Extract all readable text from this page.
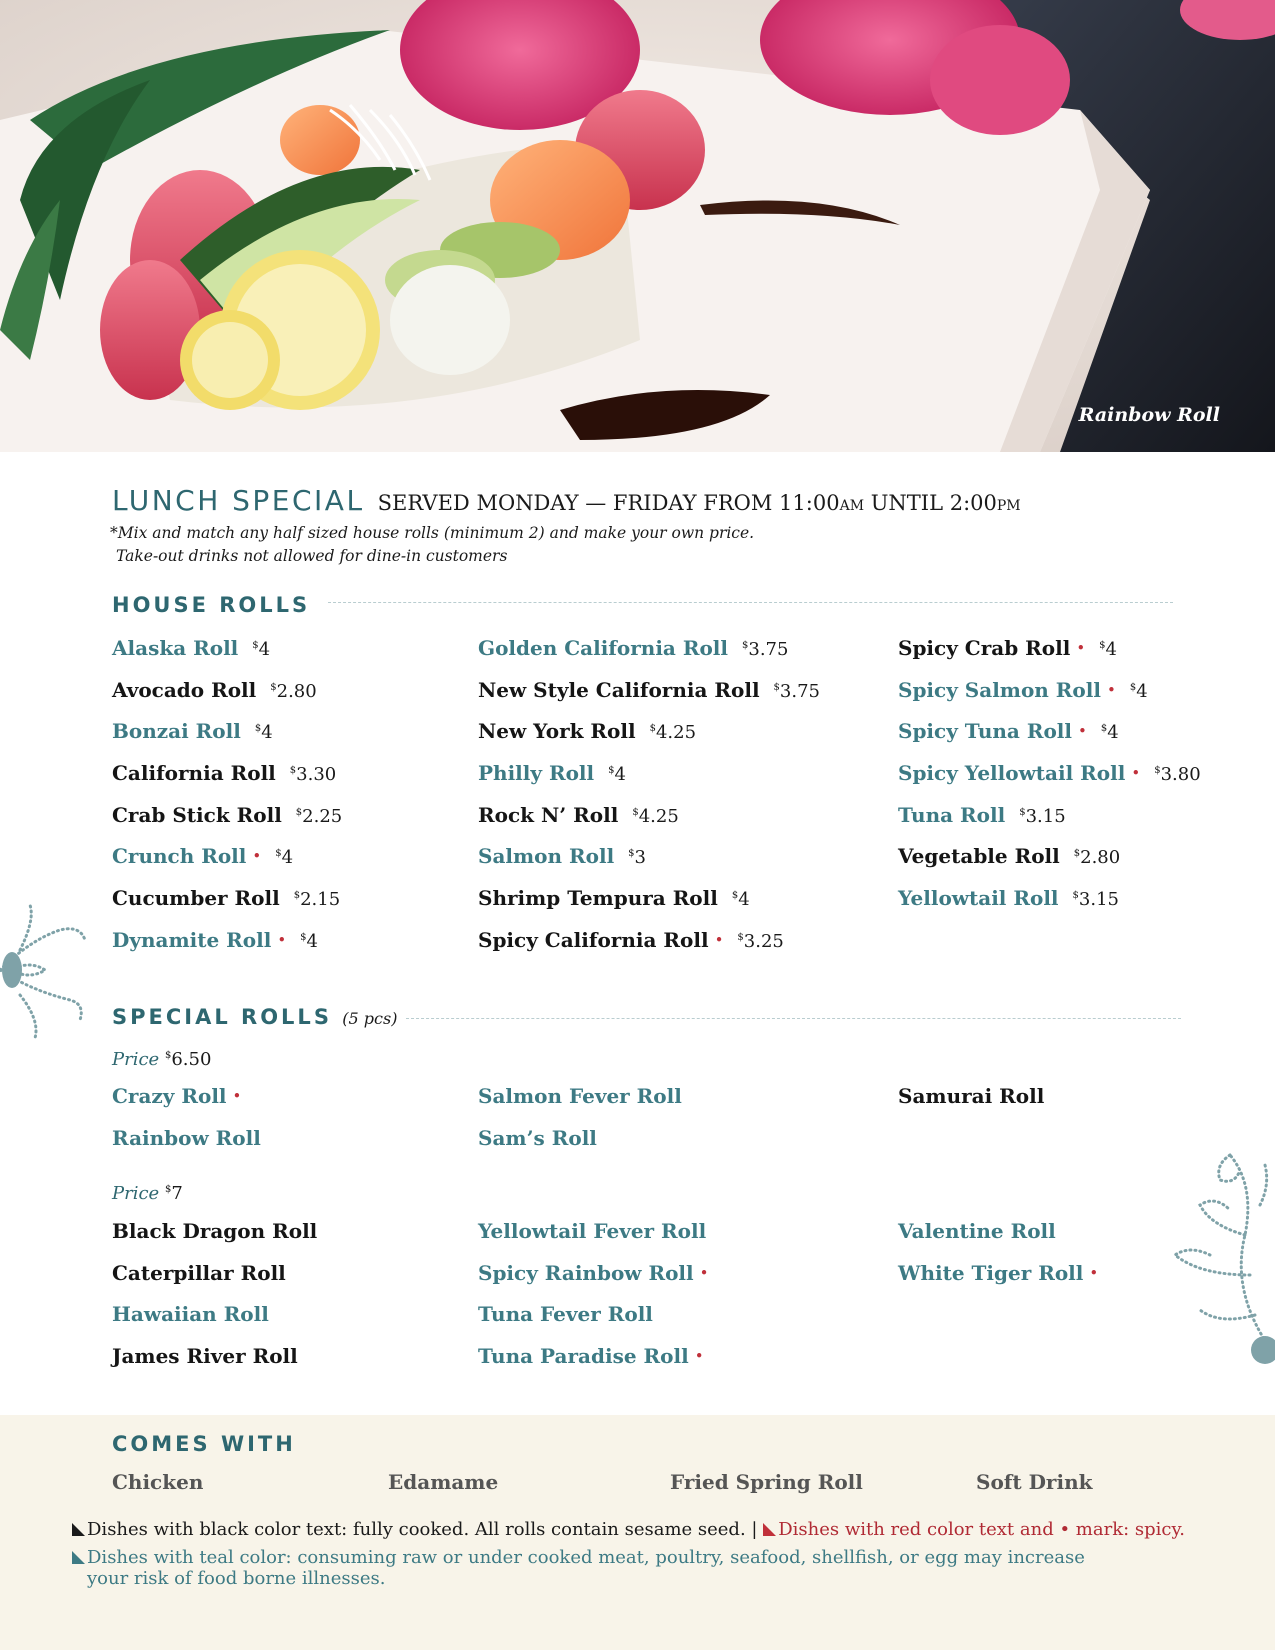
Rainbow Roll
LUNCH SPECIAL SERVED MONDAY — FRIDAY FROM 11:00AM UNTIL 2:00PM
*Mix and match any half sized house rolls (minimum 2) and make your own price.
Take-out drinks not allowed for dine-in customers
HOUSE ROLLS
Alaska Roll $4
Avocado Roll $2.80
Bonzai Roll $4
California Roll $3.30
Crab Stick Roll $2.25
Crunch Roll • $4
Cucumber Roll $2.15
Dynamite Roll • $4
Golden California Roll $3.75
New Style California Roll $3.75
New York Roll $4.25
Philly Roll $4
Rock N’ Roll $4.25
Salmon Roll $3
Shrimp Tempura Roll $4
Spicy California Roll • $3.25
Spicy Crab Roll • $4
Spicy Salmon Roll • $4
Spicy Tuna Roll • $4
Spicy Yellowtail Roll • $3.80
Tuna Roll $3.15
Vegetable Roll $2.80
Yellowtail Roll $3.15
SPECIAL ROLLS (5 pcs)
Price $6.50
Crazy Roll •
Rainbow Roll
Salmon Fever Roll
Sam’s Roll
Samurai Roll
Price $7
Black Dragon Roll
Caterpillar Roll
Hawaiian Roll
James River Roll
Yellowtail Fever Roll
Spicy Rainbow Roll •
Tuna Fever Roll
Tuna Paradise Roll •
Valentine Roll
White Tiger Roll •
COMES WITH
Chicken	Edamame	Fried Spring Roll	Soft Drink
Dishes with black color text: fully cooked. All rolls contain sesame seed. | Dishes with red color text and • mark: spicy.
Dishes with teal color: consuming raw or under cooked meat, poultry, seafood, shellfish, or egg may increase
your risk of food borne illnesses.
